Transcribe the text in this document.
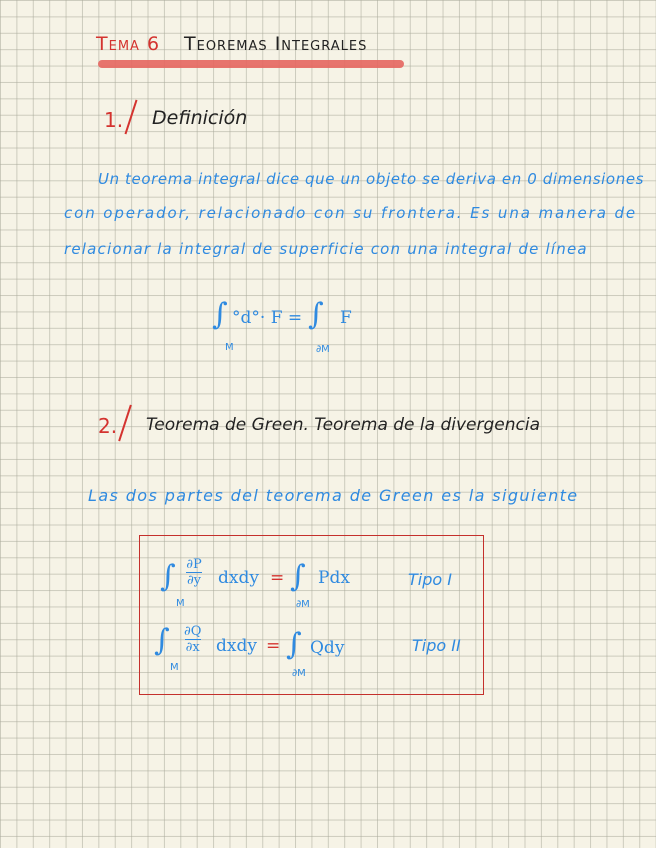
Tema 6 Teoremas Integrales
1. Definición
Un teorema integral dice que un objeto se deriva en 0 dimensiones
con operador, relacionado con su frontera. Es una manera de
relacionar la integral de superficie con una integral de línea
∫
M
°d°· F = ∫
∂M
F
2. Teorema de Green. Teorema de la divergencia
Las dos partes del teorema de Green es la siguiente
∫
M
∂P
∂y dxdy = ∫
∂M
Pdx	Tipo I
∫
M
∂Q
∂x dxdy = ∫
∂M
Qdy	Tipo II
